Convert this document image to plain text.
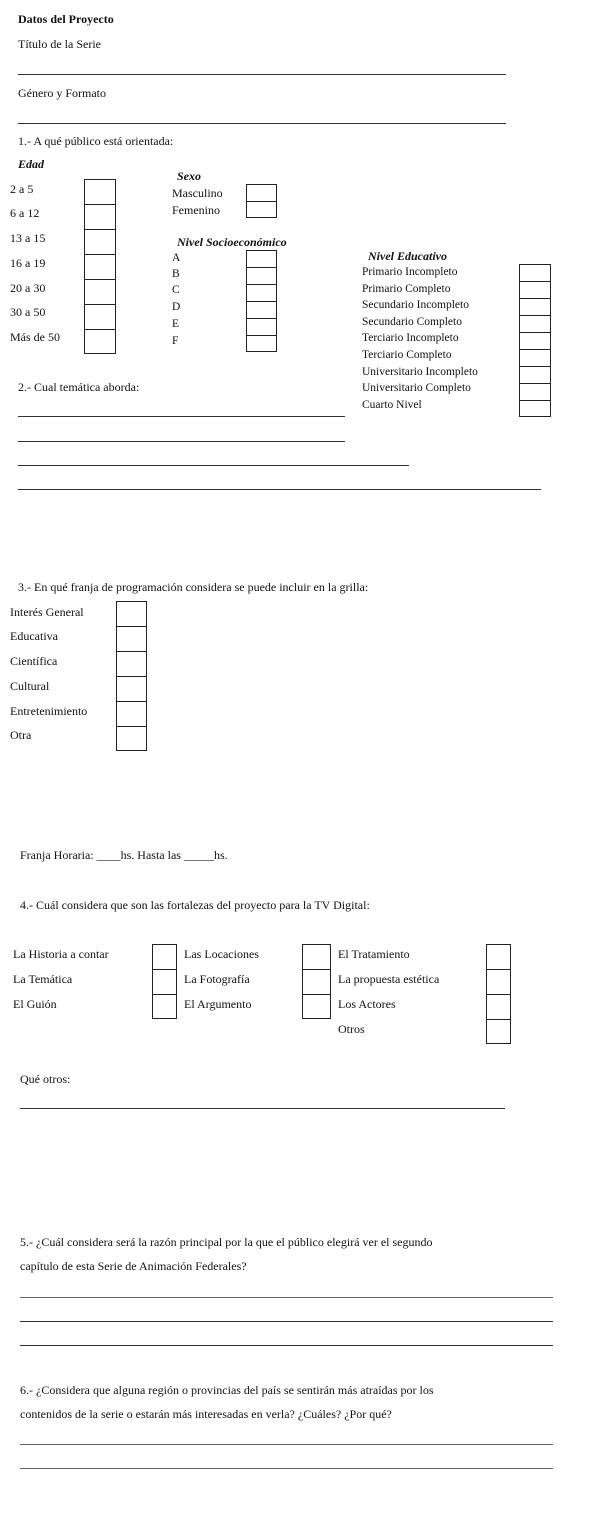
Datos del Proyecto
Título de la Serie
Género y Formato
1.- A qué público está orientada:
Edad
2 a 5
6 a 12
13 a 15
16 a 19
20 a 30
30 a 50
Más de 50
Sexo
Masculino
Femenino
Nivel Socioeconómico
A
B
C
D
E
F
Nivel Educativo
Primario Incompleto
Primario Completo
Secundario Incompleto
Secundario Completo
Terciario Incompleto
Terciario Completo
Universitario Incompleto
Universitario Completo
Cuarto Nivel
2.- Cual temática aborda:
3.- En qué franja de programación considera se puede incluir en la grilla:
Interés General
Educativa
Científica
Cultural
Entretenimiento
Otra
Franja Horaria: ____hs. Hasta las _____hs.
4.- Cuál considera que son las fortalezas del proyecto para la TV Digital:
La Historia a contar
La Temática
El Guión
Las Locaciones
La Fotografía
El Argumento
El Tratamiento
La propuesta estética
Los Actores
Otros
Qué otros:
5.- ¿Cuál considera será la razón principal por la que el público elegirá ver el segundo
capítulo de esta Serie de Animación Federales?
6.- ¿Considera que alguna región o provincias del país se sentirán más atraídas por los
contenidos de la serie o estarán más interesadas en verla? ¿Cuáles? ¿Por qué?
